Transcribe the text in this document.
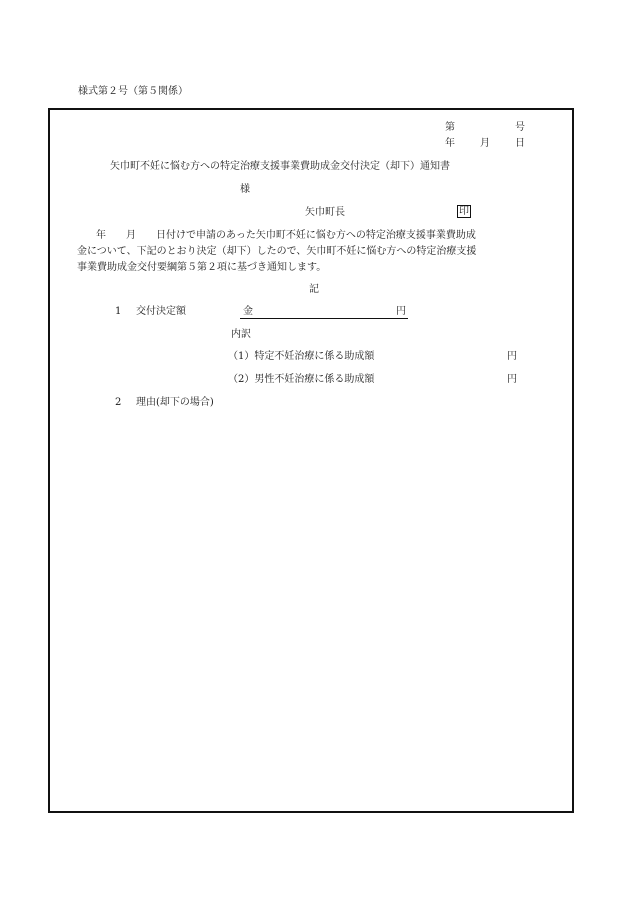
様式第２号（第５関係）
第	号
年	月	日
矢巾町不妊に悩む方への特定治療支援事業費助成金交付決定（却下）通知書
様
矢巾町長	印
年　　月　　日付けで申請のあった矢巾町不妊に悩む方への特定治療支援事業費助成
金について、下記のとおり決定（却下）したので、矢巾町不妊に悩む方への特定治療支援
事業費助成金交付要綱第５第２項に基づき通知します。
記
1 交付決定額	金	円
内訳
（1）特定不妊治療に係る助成額	円
（2）男性不妊治療に係る助成額	円
2 理由(却下の場合)
